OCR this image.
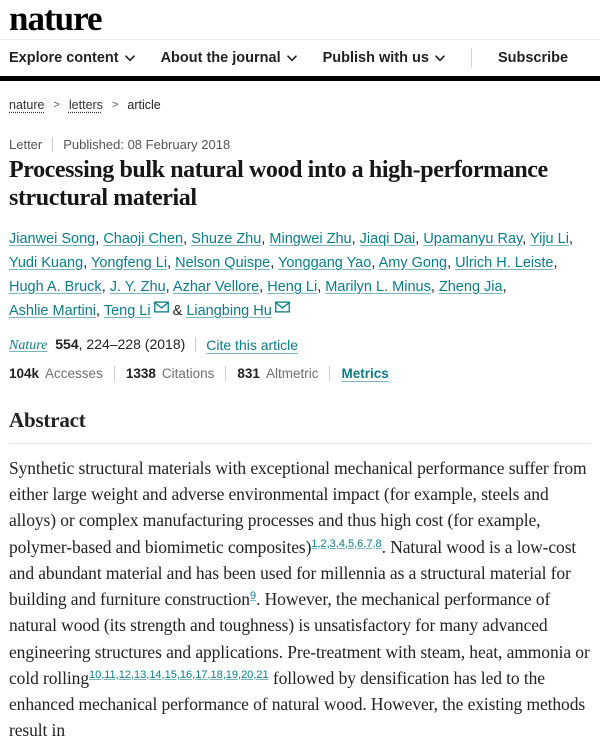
nature
Explore content	About the journal	Publish with us	Subscribe
nature > letters > article
Letter Published: 08 February 2018
Processing bulk natural wood into a high-performance structural material
Jianwei Song, Chaoji Chen, Shuze Zhu, Mingwei Zhu, Jiaqi Dai, Upamanyu Ray, Yiju Li, Yudi Kuang, Yongfeng Li, Nelson Quispe, Yonggang Yao, Amy Gong, Ulrich H. Leiste, Hugh A. Bruck, J. Y. Zhu, Azhar Vellore, Heng Li, Marilyn L. Minus, Zheng Jia, Ashlie Martini, Teng Li & Liangbing Hu
Nature 554, 224–228 (2018) Cite this article
104k Accesses 1338 Citations 831 Altmetric Metrics
Abstract

Synthetic structural materials with exceptional mechanical performance suffer from either large weight and adverse environmental impact (for example, steels and alloys) or complex manufacturing processes and thus high cost (for example, polymer-based and biomimetic composites)$^{1,2,3,4,5,6,7,8}$. Natural wood is a low-cost and abundant material and has been used for millennia as a structural material for building and furniture construction$^9$. However, the mechanical performance of natural wood (its strength and toughness) is unsatisfactory for many advanced engineering structures and applications. Pre-treatment with steam, heat, ammonia or cold rolling$^{10,11,12,13,14,15,16,17,18,19,20,21}$ followed by densification has led to the enhanced mechanical performance of natural wood. However, the existing methods result in
